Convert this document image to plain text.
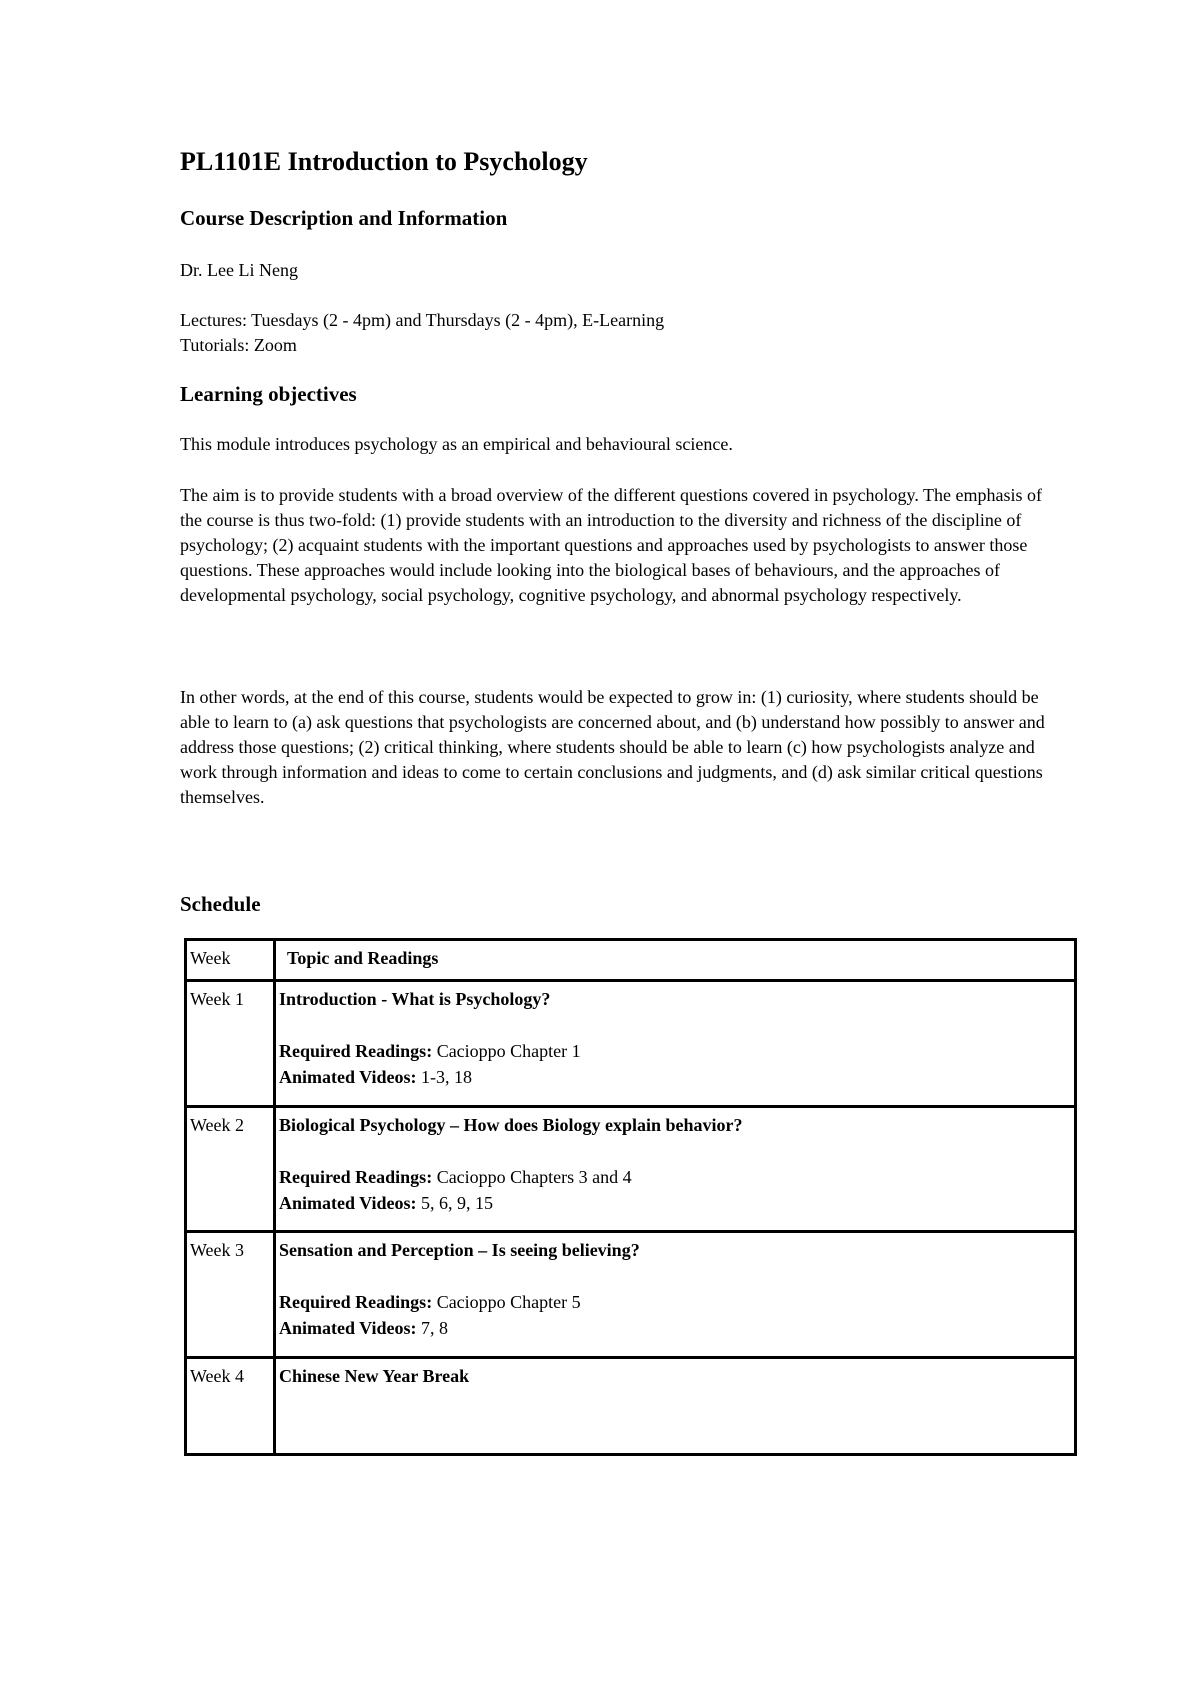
PL1101E Introduction to Psychology
Course Description and Information

Dr. Lee Li Neng

Lectures: Tuesdays (2 - 4pm) and Thursdays (2 - 4pm), E-Learning

Tutorials: Zoom

Learning objectives

This module introduces psychology as an empirical and behavioural science.

The aim is to provide students with a broad overview of the different questions covered in psychology. The emphasis of the course is thus two-fold: (1) provide students with an introduction to the diversity and richness of the discipline of psychology; (2) acquaint students with the important questions and approaches used by psychologists to answer those questions. These approaches would include looking into the biological bases of behaviours, and the approaches of developmental psychology, social psychology, cognitive psychology, and abnormal psychology respectively.

In other words, at the end of this course, students would be expected to grow in: (1) curiosity, where students should be able to learn to (a) ask questions that psychologists are concerned about, and (b) understand how possibly to answer and address those questions; (2) critical thinking, where students should be able to learn (c) how psychologists analyze and work through information and ideas to come to certain conclusions and judgments, and (d) ask similar critical questions themselves.

Schedule
Week	Topic and Readings
Week 1	Introduction - What is Psychology?
Required Readings: Cacioppo Chapter 1
Animated Videos: 1-3, 18

Week 2	Biological Psychology – How does Biology explain behavior?
Required Readings: Cacioppo Chapters 3 and 4
Animated Videos: 5, 6, 9, 15

Week 3	Sensation and Perception – Is seeing believing?
Required Readings: Cacioppo Chapter 5
Animated Videos: 7, 8

Week 4	Chinese New Year Break
